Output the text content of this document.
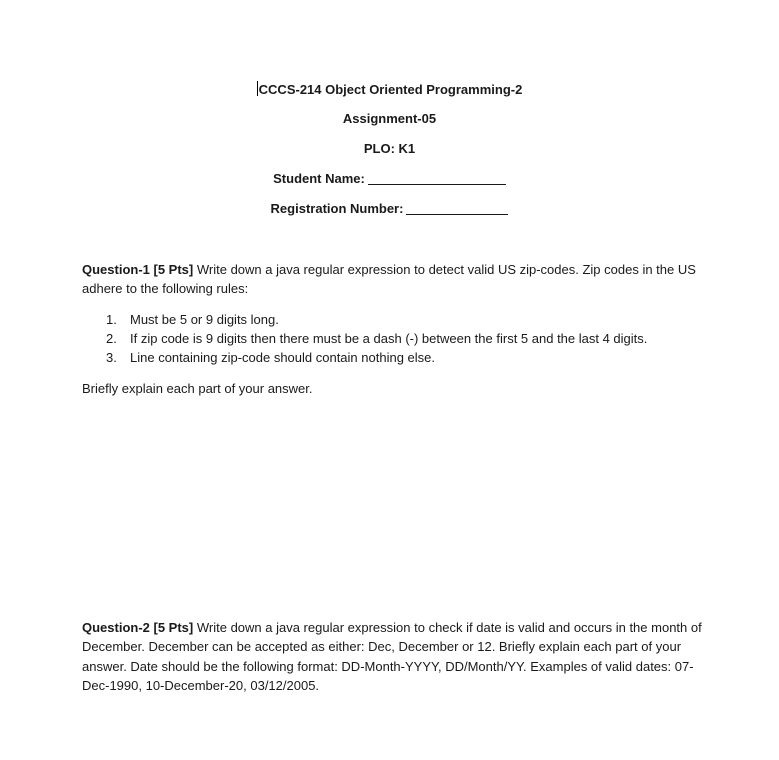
CCCS-214 Object Oriented Programming-2
Assignment-05
PLO: K1
Student Name:
Registration Number:
Question-1 [5 Pts] Write down a java regular expression to detect valid US zip-codes. Zip codes in the US adhere to the following rules:
1. Must be 5 or 9 digits long.
2. If zip code is 9 digits then there must be a dash (-) between the first 5 and the last 4 digits.
3. Line containing zip-code should contain nothing else.
Briefly explain each part of your answer.
Question-2 [5 Pts] Write down a java regular expression to check if date is valid and occurs in the month of December. December can be accepted as either: Dec, December or 12. Briefly explain each part of your answer. Date should be the following format: DD-Month-YYYY, DD/Month/YY. Examples of valid dates: 07-Dec-1990, 10-December-20, 03/12/2005.
